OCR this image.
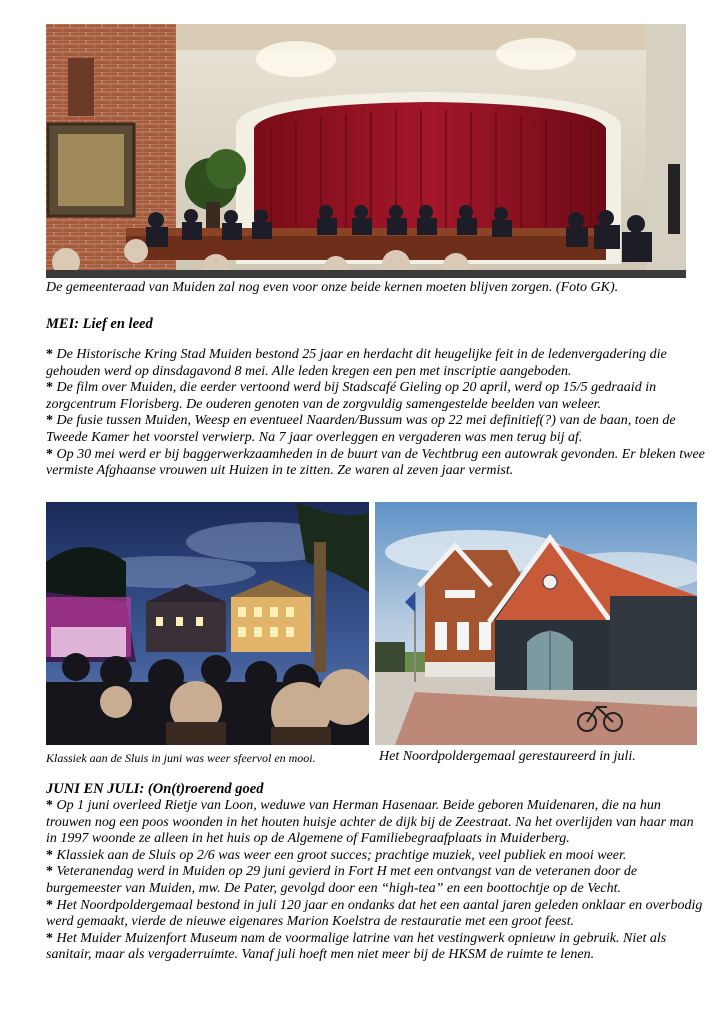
De gemeenteraad van Muiden zal nog even voor onze beide kernen moeten blijven zorgen. (Foto GK).
MEI: Lief en leed

* De Historische Kring Stad Muiden bestond 25 jaar en herdacht dit heugelijke feit in de ledenvergadering die gehouden werd op dinsdagavond 8 mei. Alle leden kregen een pen met inscriptie aangeboden.

* De film over Muiden, die eerder vertoond werd bij Stadscafé Gieling op 20 april, werd op 15/5 gedraaid in zorgcentrum Florisberg. De ouderen genoten van de zorgvuldig samengestelde beelden van weleer.

* De fusie tussen Muiden, Weesp en eventueel Naarden/Bussum was op 22 mei definitief(?) van de baan, toen de Tweede Kamer het voorstel verwierp. Na 7 jaar overleggen en vergaderen was men terug bij af.

* Op 30 mei werd er bij baggerwerkzaamheden in de buurt van de Vechtbrug een autowrak gevonden. Er bleken twee vermiste Afghaanse vrouwen uit Huizen in te zitten. Ze waren al zeven jaar vermist.

Klassiek aan de Sluis in juni was weer sfeervol en mooi.	Het Noordpoldergemaal gerestaureerd in juli.
JUNI EN JULI: (On(t)roerend goed

* Op 1 juni overleed Rietje van Loon, weduwe van Herman Hasenaar. Beide geboren Muidenaren, die na hun trouwen nog een poos woonden in het houten huisje achter de dijk bij de Zeestraat. Na het overlijden van haar man in 1997 woonde ze alleen in het huis op de Algemene of Familiebegraafplaats in Muiderberg.

* Klassiek aan de Sluis op 2/6 was weer een groot succes; prachtige muziek, veel publiek en mooi weer.

* Veteranendag werd in Muiden op 29 juni gevierd in Fort H met een ontvangst van de veteranen door de burgemeester van Muiden, mw. De Pater, gevolgd door een “high-tea” en een boottochtje op de Vecht.

* Het Noordpoldergemaal bestond in juli 120 jaar en ondanks dat het een aantal jaren geleden onklaar en overbodig werd gemaakt, vierde de nieuwe eigenares Marion Koelstra de restauratie met een groot feest.

* Het Muider Muizenfort Museum nam de voormalige latrine van het vestingwerk opnieuw in gebruik. Niet als sanitair, maar als vergaderruimte. Vanaf juli hoeft men niet meer bij de HKSM de ruimte te lenen.
